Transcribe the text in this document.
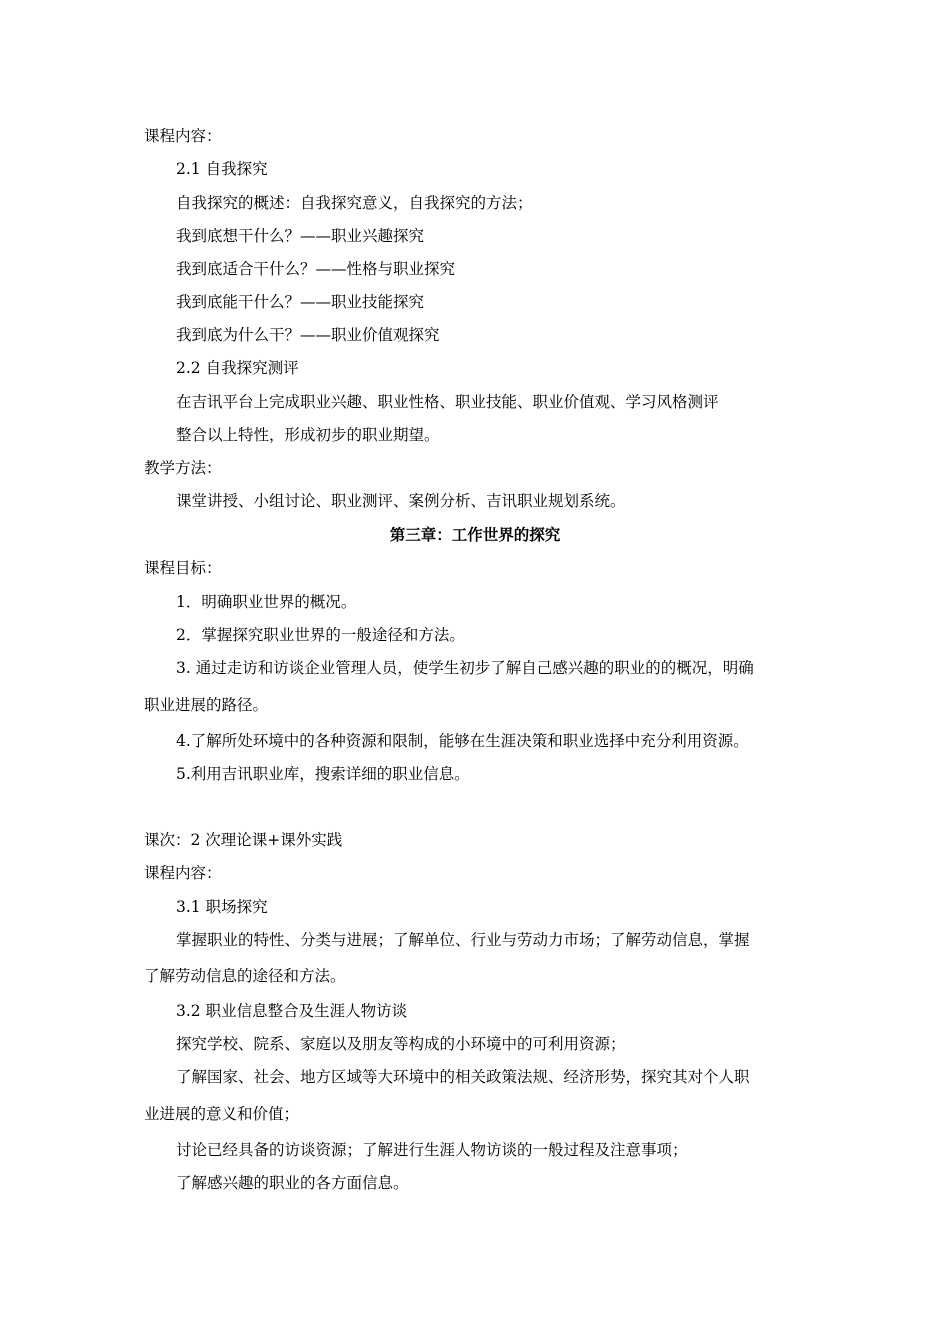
课程内容：
2.1 自我探究
自我探究的概述：自我探究意义，自我探究的方法；
我到底想干什么？——职业兴趣探究
我到底适合干什么？——性格与职业探究
我到底能干什么？——职业技能探究
我到底为什么干？——职业价值观探究
2.2 自我探究测评
在吉讯平台上完成职业兴趣、职业性格、职业技能、职业价值观、学习风格测评
整合以上特性，形成初步的职业期望。
教学方法：
课堂讲授、小组讨论、职业测评、案例分析、吉讯职业规划系统。
第三章：工作世界的探究
课程目标：
1．明确职业世界的概况。
2．掌握探究职业世界的一般途径和方法。
3. 通过走访和访谈企业管理人员，使学生初步了解自己感兴趣的职业的的概况，明确
职业进展的路径。
4.了解所处环境中的各种资源和限制，能够在生涯决策和职业选择中充分利用资源。
5.利用吉讯职业库，搜索详细的职业信息。
课次：2 次理论课+课外实践
课程内容：
3.1 职场探究
掌握职业的特性、分类与进展；了解单位、行业与劳动力市场；了解劳动信息，掌握
了解劳动信息的途径和方法。
3.2 职业信息整合及生涯人物访谈
探究学校、院系、家庭以及朋友等构成的小环境中的可利用资源；
了解国家、社会、地方区域等大环境中的相关政策法规、经济形势，探究其对个人职
业进展的意义和价值；
讨论已经具备的访谈资源；了解进行生涯人物访谈的一般过程及注意事项；
了解感兴趣的职业的各方面信息。
